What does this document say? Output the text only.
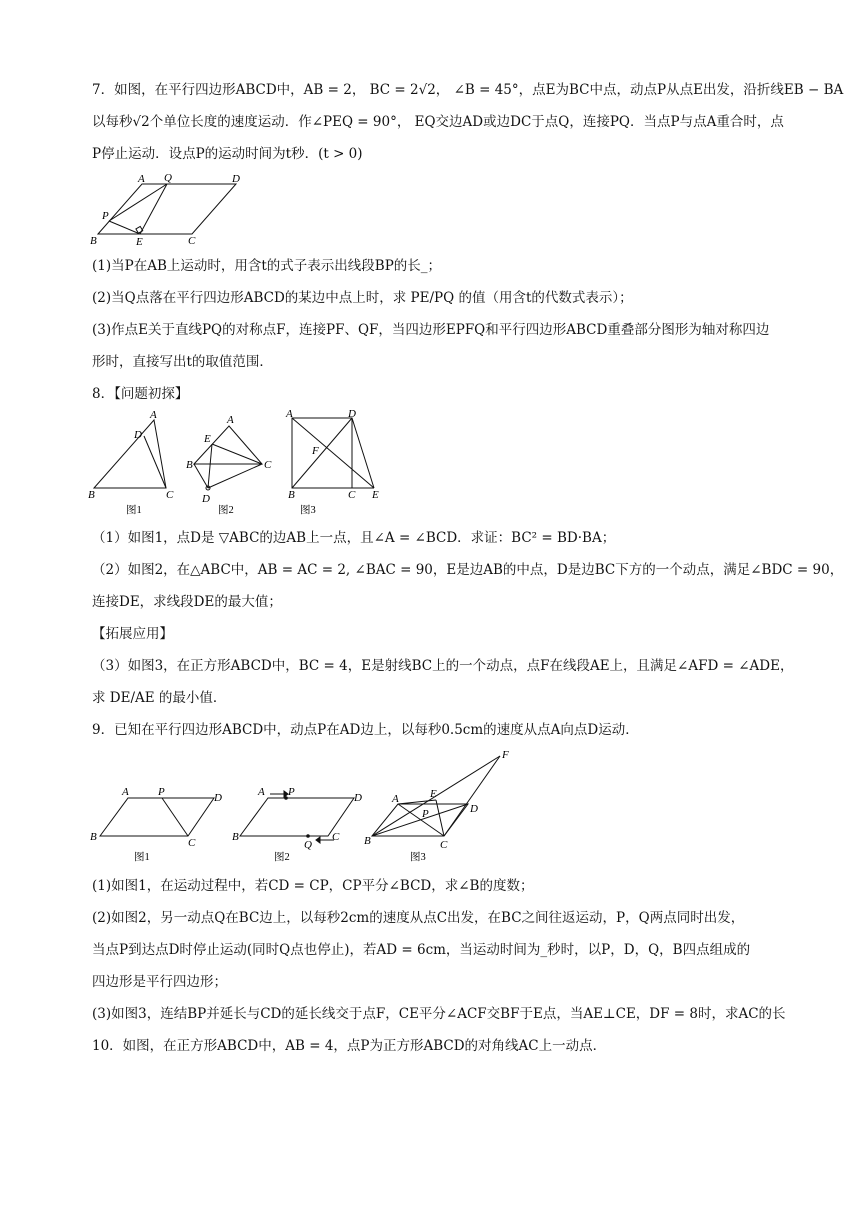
7．如图，在平行四边形ABCD中，AB = 2， BC = 2√2， ∠B = 45°，点E为BC中点，动点P从点E出发，沿折线EB − BA
以每秒√2个单位长度的速度运动．作∠PEQ = 90°， EQ交边AD或边DC于点Q，连接PQ．当点P与点A重合时，点
P停止运动．设点P的运动时间为t秒．(t > 0)
A Q	D
P
B	E	C
(1)当P在AB上运动时，用含t的式子表示出线段BP的长_；
(2)当Q点落在平行四边形ABCD的某边中点上时，求 PE/PQ 的值（用含t的代数式表示）；
(3)作点E关于直线PQ的对称点F，连接PF、QF，当四边形EPFQ和平行四边形ABCD重叠部分图形为轴对称四边
形时，直接写出t的取值范围．
8．【问题初探】
A
D
B	C
图1
A
E
B	C
D
图2
A	D
F
B	C E
图3
（1）如图1，点D是 ▽ABC的边AB上一点，且∠A = ∠BCD．求证：BC² = BD·BA；
（2）如图2，在△ABC中，AB = AC = 2, ∠BAC = 90，E是边AB的中点，D是边BC下方的一个动点，满足∠BDC = 90，
连接DE，求线段DE的最大值；
【拓展应用】
（3）如图3，在正方形ABCD中，BC = 4，E是射线BC上的一个动点，点F在线段AE上，且满足∠AFD = ∠ADE，
求 DE/AE 的最小值．
9．已知在平行四边形ABCD中，动点P在AD边上，以每秒0.5cm的速度从点A向点D运动．
A	P	D
B	C
图1
A P	D
B	C
Q
图2
A	E
D
P
F
B	C
图3
(1)如图1，在运动过程中，若CD = CP，CP平分∠BCD，求∠B的度数；
(2)如图2，另一动点Q在BC边上，以每秒2cm的速度从点C出发，在BC之间往返运动，P，Q两点同时出发，
当点P到达点D时停止运动(同时Q点也停止)，若AD = 6cm，当运动时间为_秒时，以P，D，Q，B四点组成的
四边形是平行四边形；
(3)如图3，连结BP并延长与CD的延长线交于点F，CE平分∠ACF交BF于E点，当AE⊥CE，DF = 8时，求AC的长
10．如图，在正方形ABCD中，AB = 4，点P为正方形ABCD的对角线AC上一动点．
